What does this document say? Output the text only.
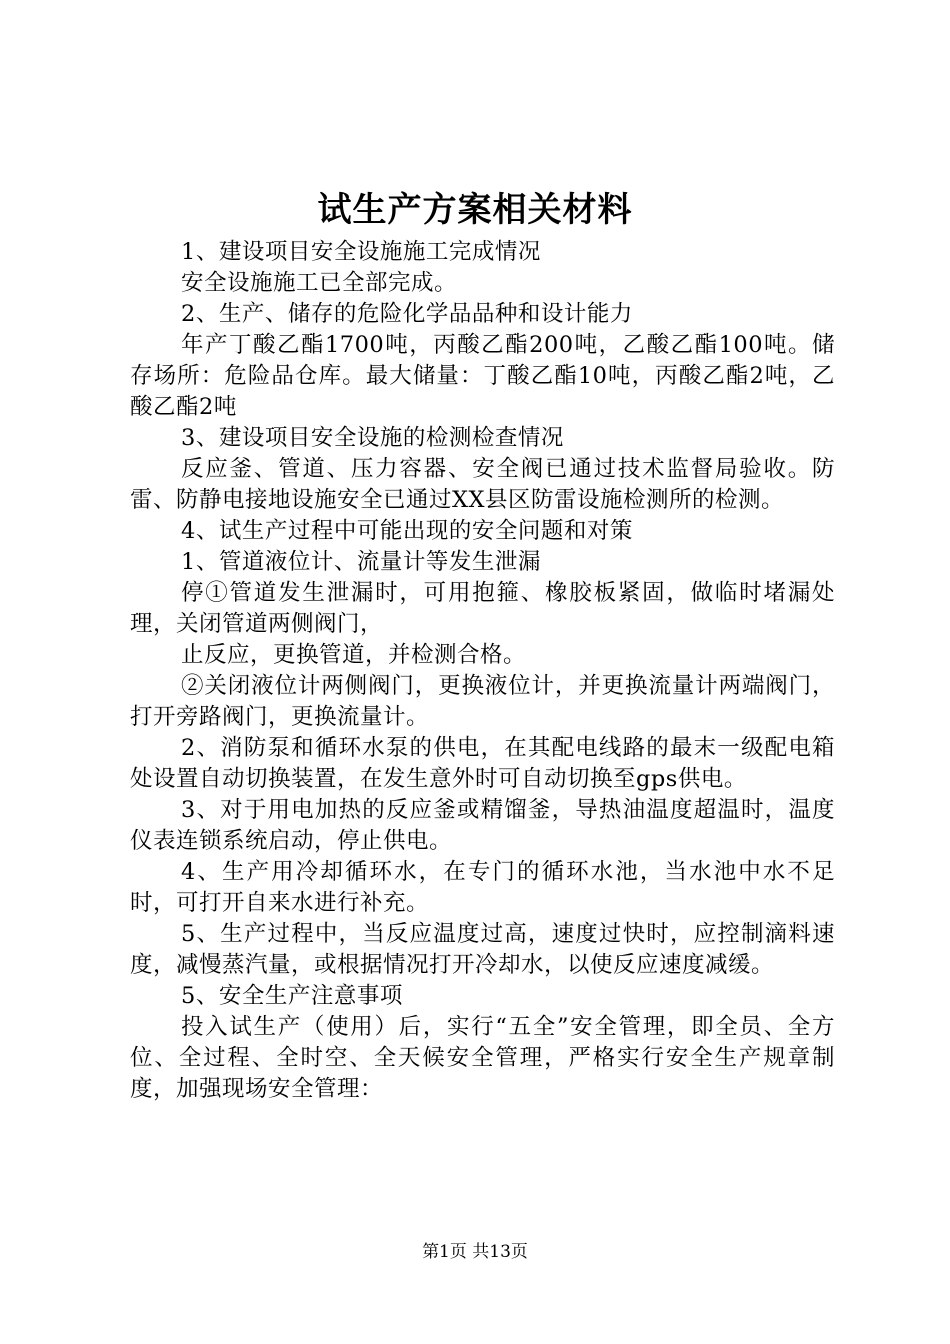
试生产方案相关材料

1、建设项目安全设施施工完成情况

安全设施施工已全部完成。

2、生产、储存的危险化学品品种和设计能力

年产丁酸乙酯1700吨，丙酸乙酯200吨，乙酸乙酯100吨。储存场所：危险品仓库。最大储量：丁酸乙酯10吨，丙酸乙酯2吨，乙酸乙酯2吨

3、建设项目安全设施的检测检查情况

反应釜、管道、压力容器、安全阀已通过技术监督局验收。防雷、防静电接地设施安全已通过XX县区防雷设施检测所的检测。

4、试生产过程中可能出现的安全问题和对策

1、管道液位计、流量计等发生泄漏

停①管道发生泄漏时，可用抱箍、橡胶板紧固，做临时堵漏处理，关闭管道两侧阀门，

止反应，更换管道，并检测合格。

②关闭液位计两侧阀门，更换液位计，并更换流量计两端阀门，打开旁路阀门，更换流量计。

2、消防泵和循环水泵的供电，在其配电线路的最末一级配电箱处设置自动切换装置，在发生意外时可自动切换至gps供电。

3、对于用电加热的反应釜或精馏釜，导热油温度超温时，温度仪表连锁系统启动，停止供电。

4、生产用冷却循环水，在专门的循环水池，当水池中水不足时，可打开自来水进行补充。

5、生产过程中，当反应温度过高，速度过快时，应控制滴料速度，减慢蒸汽量，或根据情况打开冷却水，以使反应速度减缓。

5、安全生产注意事项

投入试生产（使用）后，实行“五全”安全管理，即全员、全方位、全过程、全时空、全天候安全管理，严格实行安全生产规章制度，加强现场安全管理：

第1页 共13页
